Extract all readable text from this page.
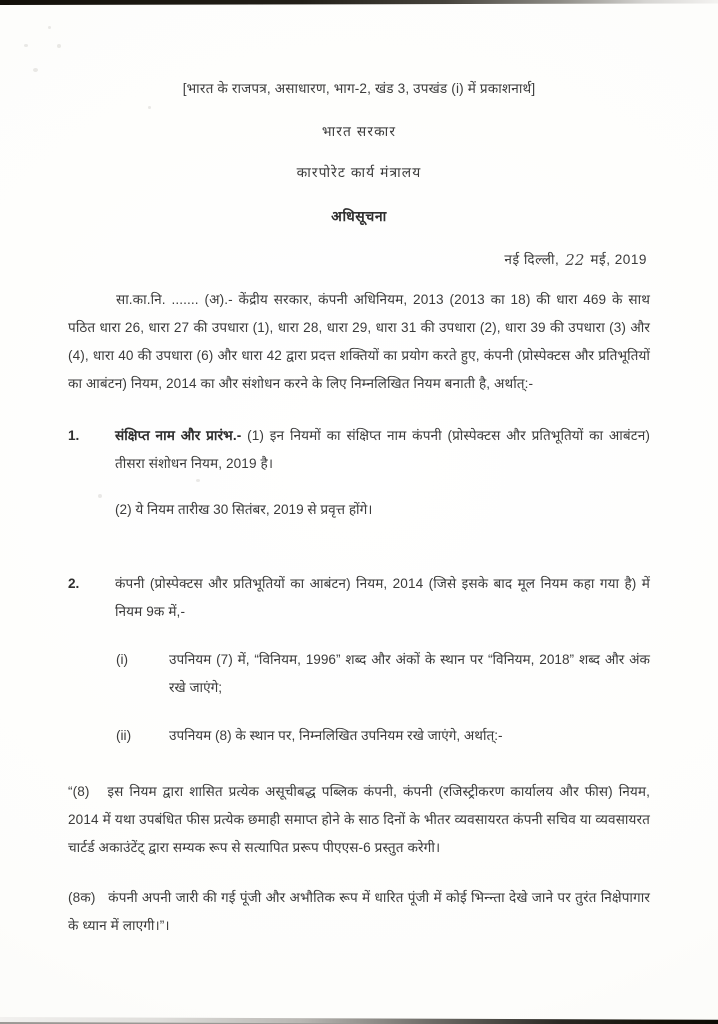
[भारत के राजपत्र, असाधारण, भाग-2, खंड 3, उपखंड (i) में प्रकाशनार्थ]
भारत सरकार
कारपोरेट कार्य मंत्रालय
अधिसूचना
नई दिल्ली, 22 मई, 2019
सा.का.नि. ....... (अ).- केंद्रीय सरकार, कंपनी अधिनियम, 2013 (2013 का 18) की धारा 469 के साथ पठित धारा 26, धारा 27 की उपधारा (1), धारा 28, धारा 29, धारा 31 की उपधारा (2), धारा 39 की उपधारा (3) और (4), धारा 40 की उपधारा (6) और धारा 42 द्वारा प्रदत्त शक्तियों का प्रयोग करते हुए, कंपनी (प्रोस्पेक्टस और प्रतिभूतियों का आबंटन) नियम, 2014 का और संशोधन करने के लिए निम्नलिखित नियम बनाती है, अर्थात्:-
1.	संक्षिप्त नाम और प्रारंभ.- (1) इन नियमों का संक्षिप्त नाम कंपनी (प्रोस्पेक्टस और प्रतिभूतियों का आबंटन) तीसरा संशोधन नियम, 2019 है।
(2) ये नियम तारीख 30 सितंबर, 2019 से प्रवृत्त होंगे।
2.	कंपनी (प्रोस्पेक्टस और प्रतिभूतियों का आबंटन) नियम, 2014 (जिसे इसके बाद मूल नियम कहा गया है) में नियम 9क में,-
(i)	उपनियम (7) में, “विनियम, 1996” शब्द और अंकों के स्थान पर “विनियम, 2018” शब्द और अंक रखे जाएंगे;
(ii)	उपनियम (8) के स्थान पर, निम्नलिखित उपनियम रखे जाएंगे, अर्थात्:-
“(8) इस नियम द्वारा शासित प्रत्येक असूचीबद्ध पब्लिक कंपनी, कंपनी (रजिस्ट्रीकरण कार्यालय और फीस) नियम, 2014 में यथा उपबंधित फीस प्रत्येक छमाही समाप्त होने के साठ दिनों के भीतर व्यवसायरत कंपनी सचिव या व्यवसायरत चार्टर्ड अकाउंटेंट् द्वारा सम्यक रूप से सत्यापित प्ररूप पीएएस-6 प्रस्तुत करेगी।
(8क) कंपनी अपनी जारी की गई पूंजी और अभौतिक रूप में धारित पूंजी में कोई भिन्न्ता देखे जाने पर तुरंत निक्षेपागार के ध्यान में लाएगी।”।
